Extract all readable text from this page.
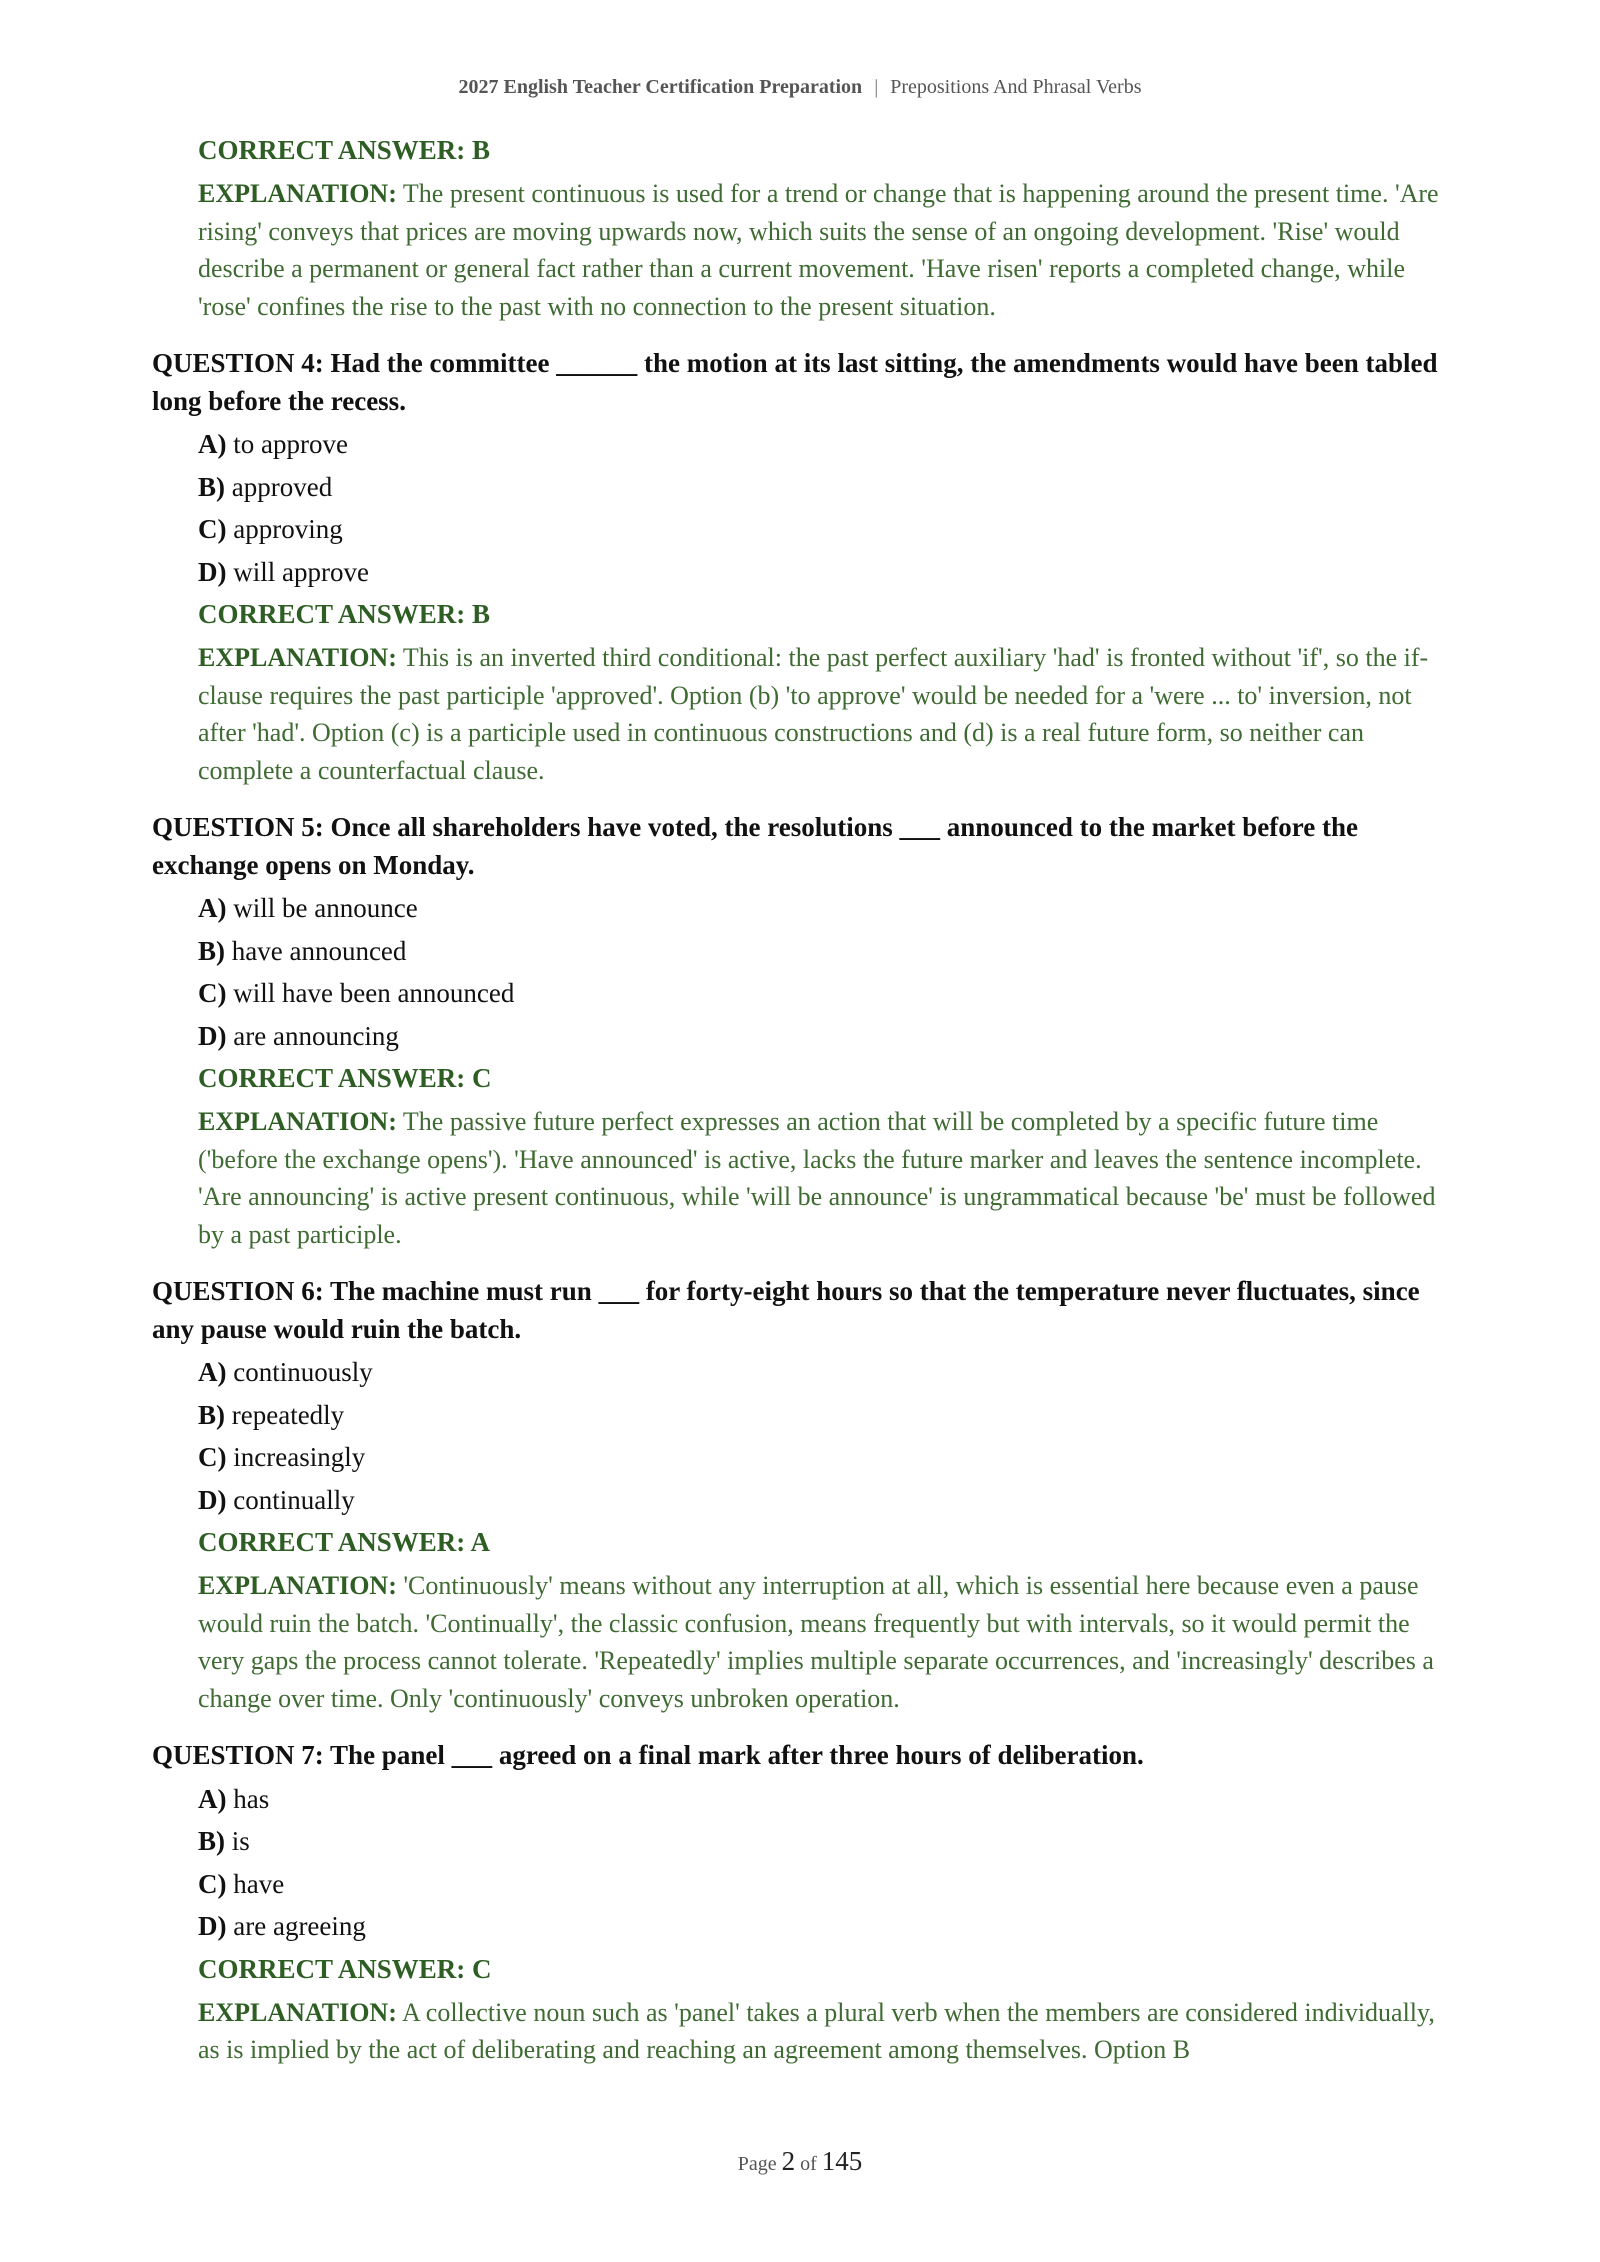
2027 English Teacher Certification Preparation | Prepositions And Phrasal Verbs
CORRECT ANSWER: B
EXPLANATION: The present continuous is used for a trend or change that is happening around the present time. 'Are rising' conveys that prices are moving upwards now, which suits the sense of an ongoing development. 'Rise' would describe a permanent or general fact rather than a current movement. 'Have risen' reports a completed change, while 'rose' confines the rise to the past with no connection to the present situation.
QUESTION 4: Had the committee ______ the motion at its last sitting, the amendments would have been tabled long before the recess.
A) to approve
B) approved
C) approving
D) will approve
CORRECT ANSWER: B
EXPLANATION: This is an inverted third conditional: the past perfect auxiliary 'had' is fronted without 'if', so the if-clause requires the past participle 'approved'. Option (b) 'to approve' would be needed for a 'were ... to' inversion, not after 'had'. Option (c) is a participle used in continuous constructions and (d) is a real future form, so neither can complete a counterfactual clause.
QUESTION 5: Once all shareholders have voted, the resolutions ___ announced to the market before the exchange opens on Monday.
A) will be announce
B) have announced
C) will have been announced
D) are announcing
CORRECT ANSWER: C
EXPLANATION: The passive future perfect expresses an action that will be completed by a specific future time ('before the exchange opens'). 'Have announced' is active, lacks the future marker and leaves the sentence incomplete. 'Are announcing' is active present continuous, while 'will be announce' is ungrammatical because 'be' must be followed by a past participle.
QUESTION 6: The machine must run ___ for forty-eight hours so that the temperature never fluctuates, since any pause would ruin the batch.
A) continuously
B) repeatedly
C) increasingly
D) continually
CORRECT ANSWER: A
EXPLANATION: 'Continuously' means without any interruption at all, which is essential here because even a pause would ruin the batch. 'Continually', the classic confusion, means frequently but with intervals, so it would permit the very gaps the process cannot tolerate. 'Repeatedly' implies multiple separate occurrences, and 'increasingly' describes a change over time. Only 'continuously' conveys unbroken operation.
QUESTION 7: The panel ___ agreed on a final mark after three hours of deliberation.
A) has
B) is
C) have
D) are agreeing
CORRECT ANSWER: C
EXPLANATION: A collective noun such as 'panel' takes a plural verb when the members are considered individually, as is implied by the act of deliberating and reaching an agreement among themselves. Option B
Page 2 of 145
